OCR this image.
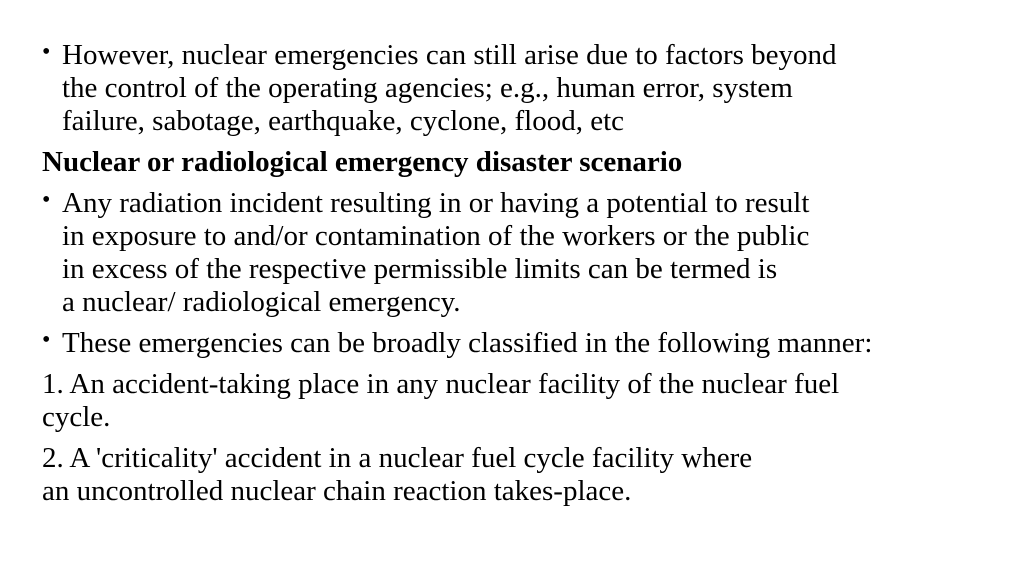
• However, nuclear emergencies can still arise due to factors beyond
the control of the operating agencies; e.g., human error, system
failure, sabotage, earthquake, cyclone, flood, etc
Nuclear or radiological emergency disaster scenario
• Any radiation incident resulting in or having a potential to result
in exposure to and/or contamination of the workers or the public
in excess of the respective permissible limits can be termed is
a nuclear/ radiological emergency.
• These emergencies can be broadly classified in the following manner:
1. An accident-taking place in any nuclear facility of the nuclear fuel
cycle.
2. A 'criticality' accident in a nuclear fuel cycle facility where
an uncontrolled nuclear chain reaction takes-place.
